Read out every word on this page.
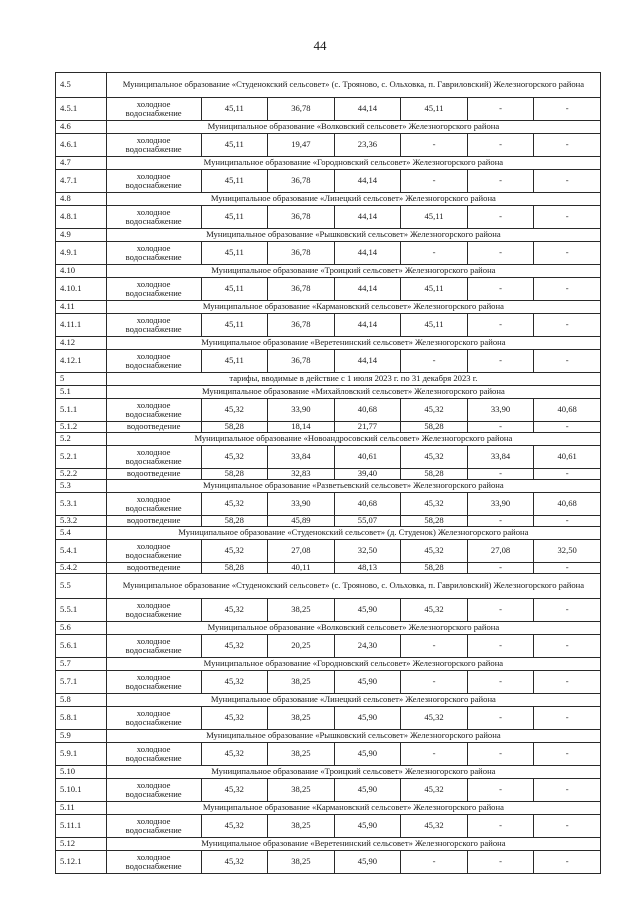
44
4.5	Муниципальное образование «Студенокский сельсовет» (с. Трояново, с. Ольховка, п. Гавриловский) Железногорского района						
4.5.1	холодное водоснабжение	45,11	36,78	44,14	45,11	-	-
4.6	Муниципальное образование «Волковский сельсовет» Железногорского района						
4.6.1	холодное водоснабжение	45,11	19,47	23,36	-	-	-
4.7	Муниципальное образование «Городновский сельсовет» Железногорского района						
4.7.1	холодное водоснабжение	45,11	36,78	44,14	-	-	-
4.8	Муниципальное образование «Линецкий сельсовет» Железногорского района						
4.8.1	холодное водоснабжение	45,11	36,78	44,14	45,11	-	-
4.9	Муниципальное образование «Рышковский сельсовет» Железногорского района						
4.9.1	холодное водоснабжение	45,11	36,78	44,14	-	-	-
4.10	Муниципальное образование «Троицкий сельсовет» Железногорского района						
4.10.1	холодное водоснабжение	45,11	36,78	44,14	45,11	-	-
4.11	Муниципальное образование «Кармановский сельсовет» Железногорского района						
4.11.1	холодное водоснабжение	45,11	36,78	44,14	45,11	-	-
4.12	Муниципальное образование «Веретенинский сельсовет» Железногорского района						
4.12.1	холодное водоснабжение	45,11	36,78	44,14	-	-	-
5	тарифы, вводимые в действие с 1 июля 2023 г. по 31 декабря 2023 г.						
5.1	Муниципальное образование «Михайловский сельсовет» Железногорского района						
5.1.1	холодное водоснабжение	45,32	33,90	40,68	45,32	33,90	40,68
5.1.2	водоотведение	58,28	18,14	21,77	58,28	-	-
5.2	Муниципальное образование «Новоандросовский сельсовет» Железногорского района						
5.2.1	холодное водоснабжение	45,32	33,84	40,61	45,32	33,84	40,61
5.2.2	водоотведение	58,28	32,83	39,40	58,28	-	-
5.3	Муниципальное образование «Разветьевский сельсовет» Железногорского района						
5.3.1	холодное водоснабжение	45,32	33,90	40,68	45,32	33,90	40,68
5.3.2	водоотведение	58,28	45,89	55,07	58,28	-	-
5.4	Муниципальное образование «Студенокский сельсовет» (д. Студенок) Железногорского района						
5.4.1	холодное водоснабжение	45,32	27,08	32,50	45,32	27,08	32,50
5.4.2	водоотведение	58,28	40,11	48,13	58,28	-	-
5.5	Муниципальное образование «Студенокский сельсовет» (с. Трояново, с. Ольховка, п. Гавриловский) Железногорского района						
5.5.1	холодное водоснабжение	45,32	38,25	45,90	45,32	-	-
5.6	Муниципальное образование «Волковский сельсовет» Железногорского района						
5.6.1	холодное водоснабжение	45,32	20,25	24,30	-	-	-
5.7	Муниципальное образование «Городновский сельсовет» Железногорского района						
5.7.1	холодное водоснабжение	45,32	38,25	45,90	-	-	-
5.8	Муниципальное образование «Линецкий сельсовет» Железногорского района						
5.8.1	холодное водоснабжение	45,32	38,25	45,90	45,32	-	-
5.9	Муниципальное образование «Рышковский сельсовет» Железногорского района						
5.9.1	холодное водоснабжение	45,32	38,25	45,90	-	-	-
5.10	Муниципальное образование «Троицкий сельсовет» Железногорского района						
5.10.1	холодное водоснабжение	45,32	38,25	45,90	45,32	-	-
5.11	Муниципальное образование «Кармановский сельсовет» Железногорского района						
5.11.1	холодное водоснабжение	45,32	38,25	45,90	45,32	-	-
5.12	Муниципальное образование «Веретенинский сельсовет» Железногорского района						
5.12.1	холодное водоснабжение	45,32	38,25	45,90	-	-	-
